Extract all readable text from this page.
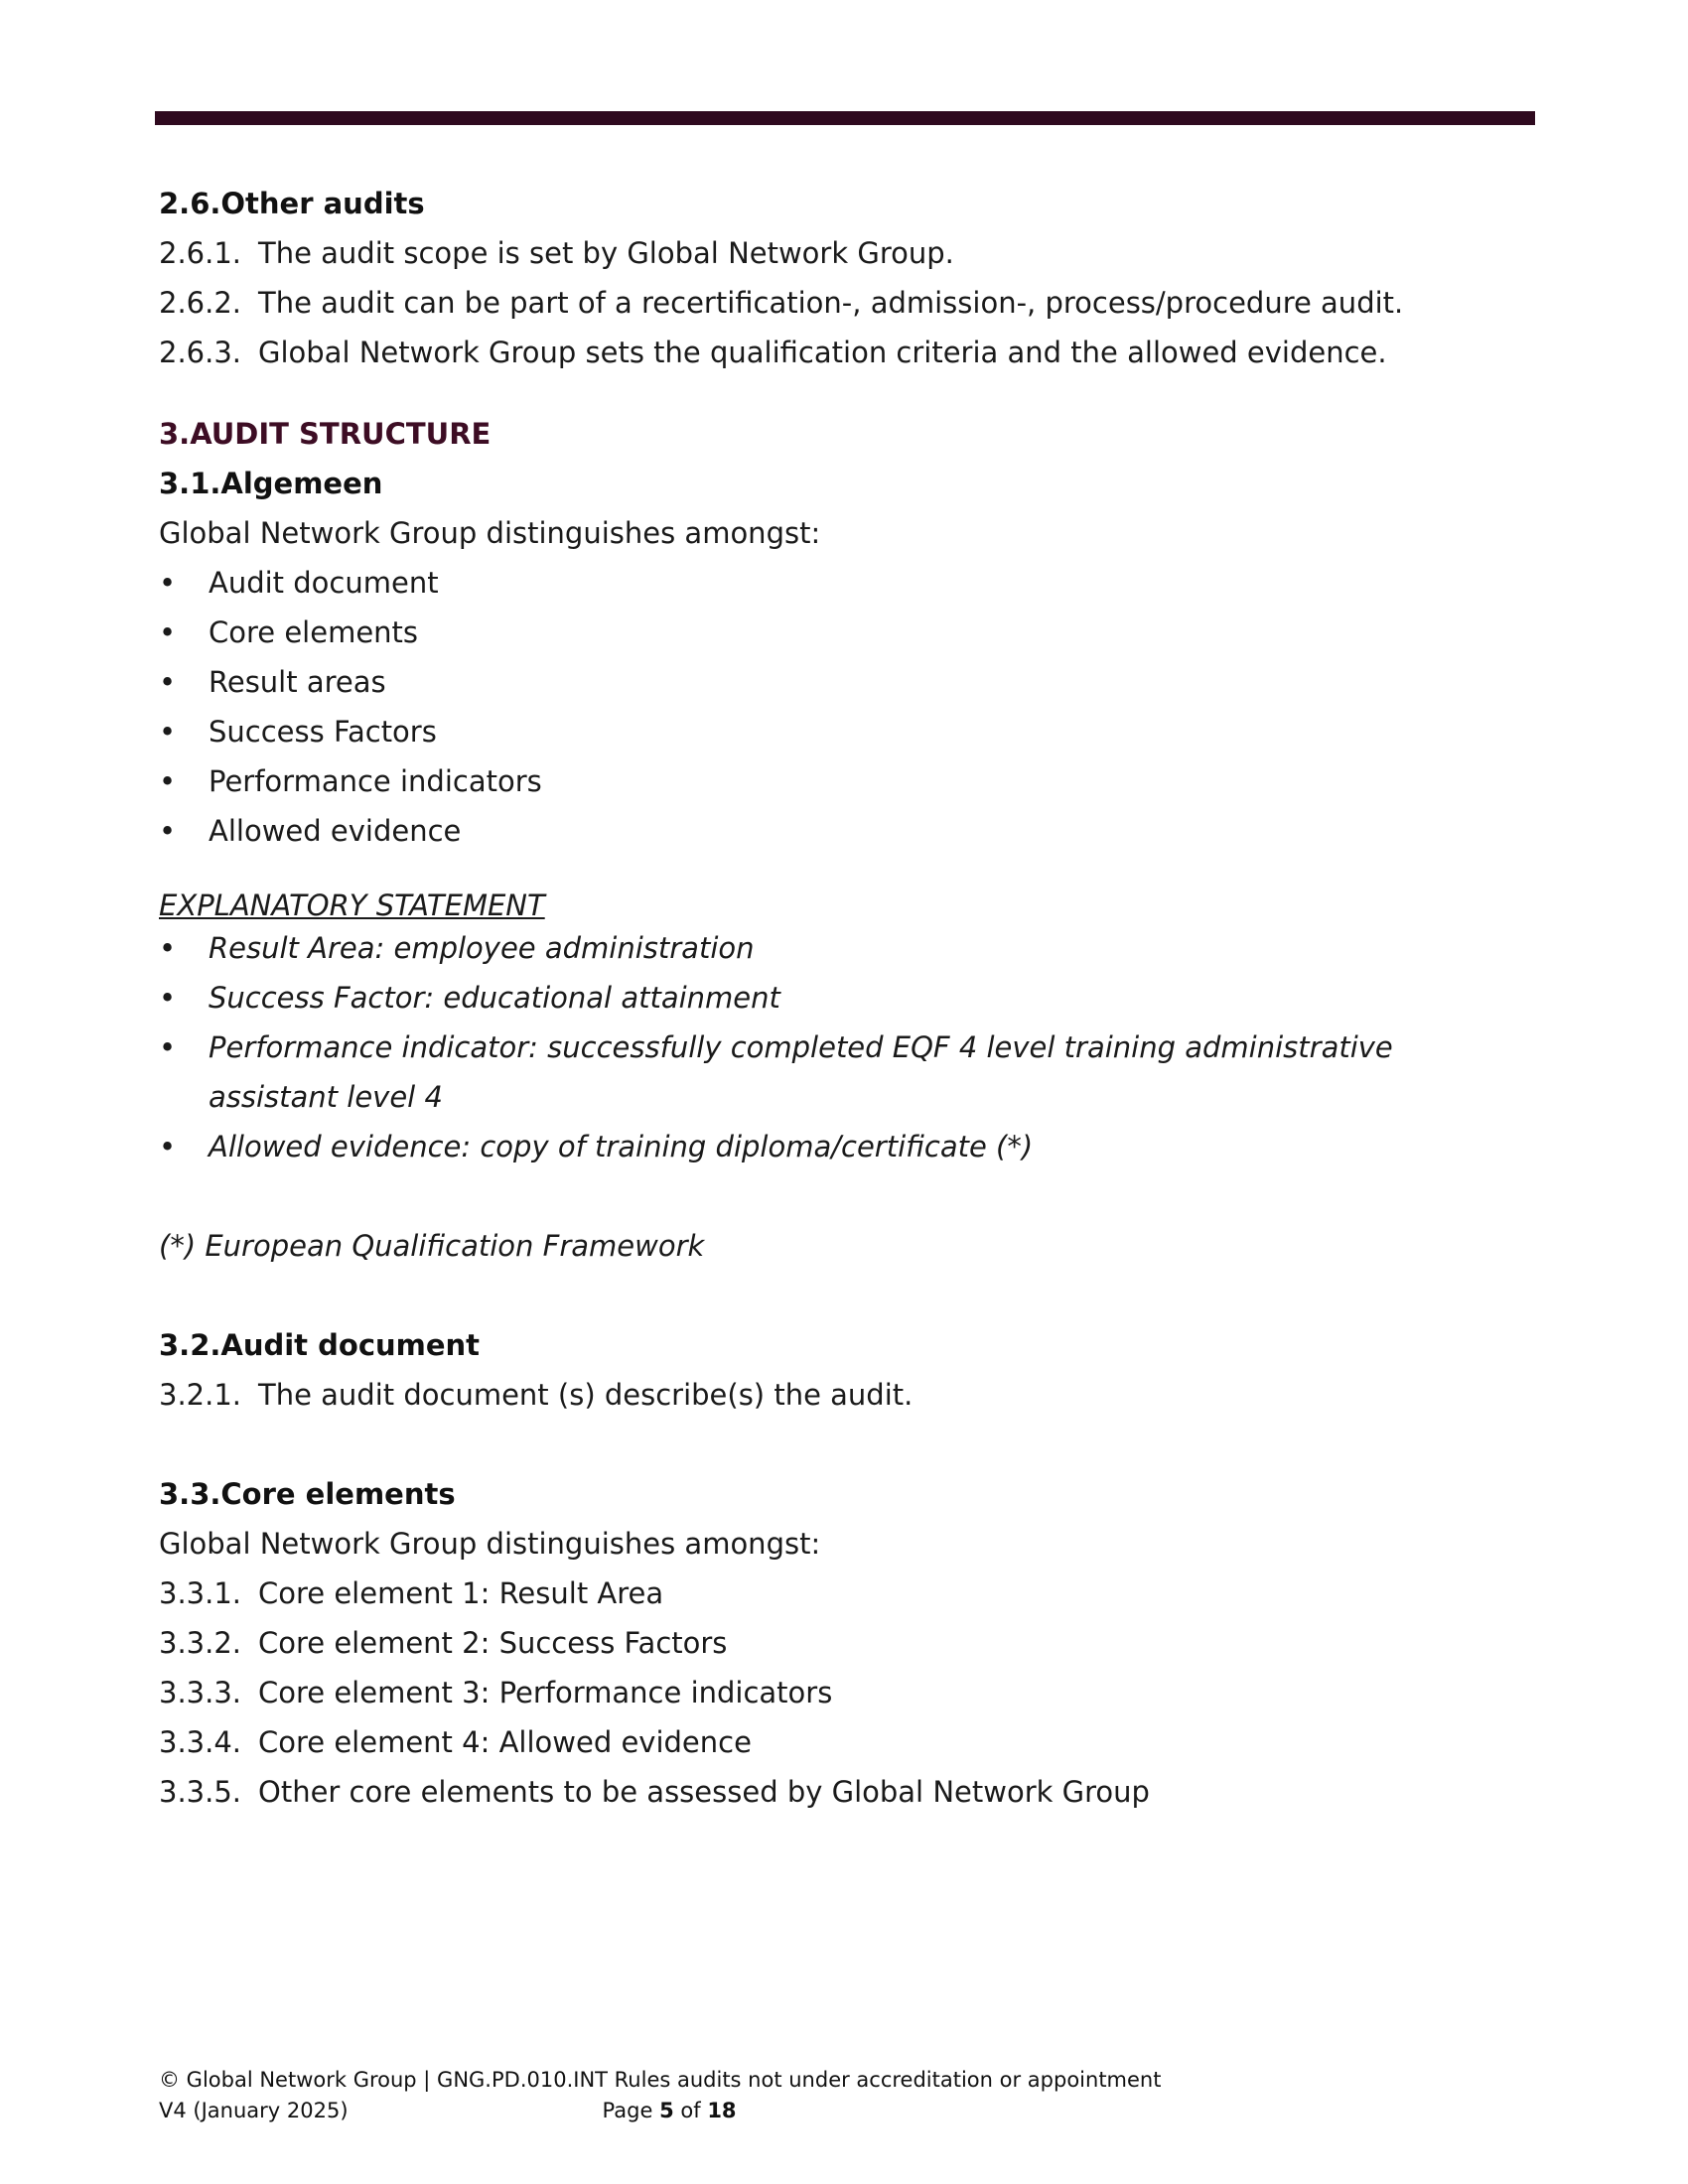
2.6.Other audits
2.6.1. The audit scope is set by Global Network Group.
2.6.2. The audit can be part of a recertification-, admission-, process/procedure audit.
2.6.3. Global Network Group sets the qualification criteria and the allowed evidence.
3.AUDIT STRUCTURE
3.1.Algemeen
Global Network Group distinguishes amongst:
• Audit document
• Core elements
• Result areas
• Success Factors
• Performance indicators
• Allowed evidence
EXPLANATORY STATEMENT
• Result Area: employee administration
• Success Factor: educational attainment
• Performance indicator: successfully completed EQF 4 level training administrative assistant level 4
• Allowed evidence: copy of training diploma/certificate (*)
(*) European Qualification Framework
3.2.Audit document
3.2.1. The audit document (s) describe(s) the audit.
3.3.Core elements
Global Network Group distinguishes amongst:
3.3.1. Core element 1: Result Area
3.3.2. Core element 2: Success Factors
3.3.3. Core element 3: Performance indicators
3.3.4. Core element 4: Allowed evidence
3.3.5. Other core elements to be assessed by Global Network Group
© Global Network Group | GNG.PD.010.INT Rules audits not under accreditation or appointment
V4 (January 2025)	Page 5 of 18
